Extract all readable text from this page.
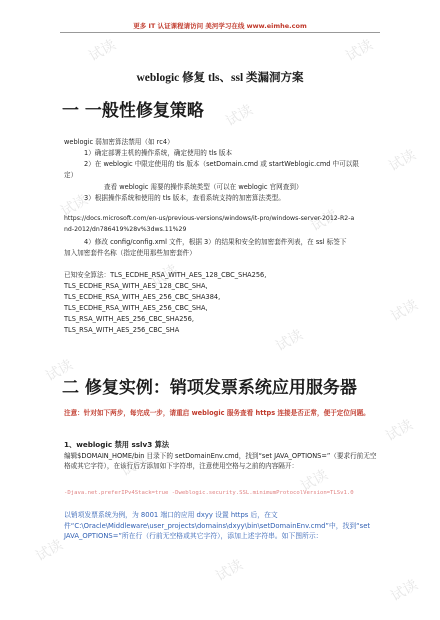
试读	试读
试读
试读
试读
试读
试读
试读
试读
试读
试读
试读
试读
试读
试读
试读
更多 IT 认证课程请访问 美河学习在线 www.eimhe.com
weblogic 修复 tls、ssl 类漏洞方案
一 一般性修复策略
weblogic 弱加密算法禁用（如 rc4）
1）确定部署主机的操作系统，确定使用的 tls 版本
2）在 weblogic 中限定使用的 tls 版本（setDomain.cmd 或 startWeblogic.cmd 中可以限
定）
查看 weblogic 需要的操作系统类型（可以在 weblogic 官网查到）
3）根据操作系统和使用的 tls 版本，查看系统支持的加密算法类型。
https://docs.microsoft.com/en-us/previous-versions/windows/it-pro/windows-server-2012-R2-a
nd-2012/dn786419%28v%3dws.11%29
4）修改 config/config.xml 文件，根据 3）的结果和安全的加密套件列表，在 ssl 标签下
加入加密套件名称（指定使用那些加密套件）
已知安全算法：TLS_ECDHE_RSA_WITH_AES_128_CBC_SHA256,
TLS_ECDHE_RSA_WITH_AES_128_CBC_SHA,
TLS_ECDHE_RSA_WITH_AES_256_CBC_SHA384,
TLS_ECDHE_RSA_WITH_AES_256_CBC_SHA,
TLS_RSA_WITH_AES_256_CBC_SHA256,
TLS_RSA_WITH_AES_256_CBC_SHA
二 修复实例：销项发票系统应用服务器
注意：针对如下两步，每完成一步，请重启 weblogic 服务查看 https 连接是否正常，便于定位问题。
1、weblogic 禁用 sslv3 算法
编辑$DOMAIN_HOME/bin 目录下的 setDomainEnv.cmd，找到“set JAVA_OPTIONS=”（要求行前无空格或其它字符），在该行后方添加如下字符串，注意使用空格与之前的内容隔开：
-Djava.net.preferIPv4Stack=true -Dweblogic.security.SSL.minimumProtocolVersion=TLSv1.0
以销项发票系统为例，为 8001 端口的应用 dxyy 设置 https 后，在文件“C:\Oracle\Middleware\user_projects\domains\dxyy\bin\setDomainEnv.cmd”中，找到“set JAVA_OPTIONS=”所在行（行前无空格或其它字符），添加上述字符串。如下图所示：
